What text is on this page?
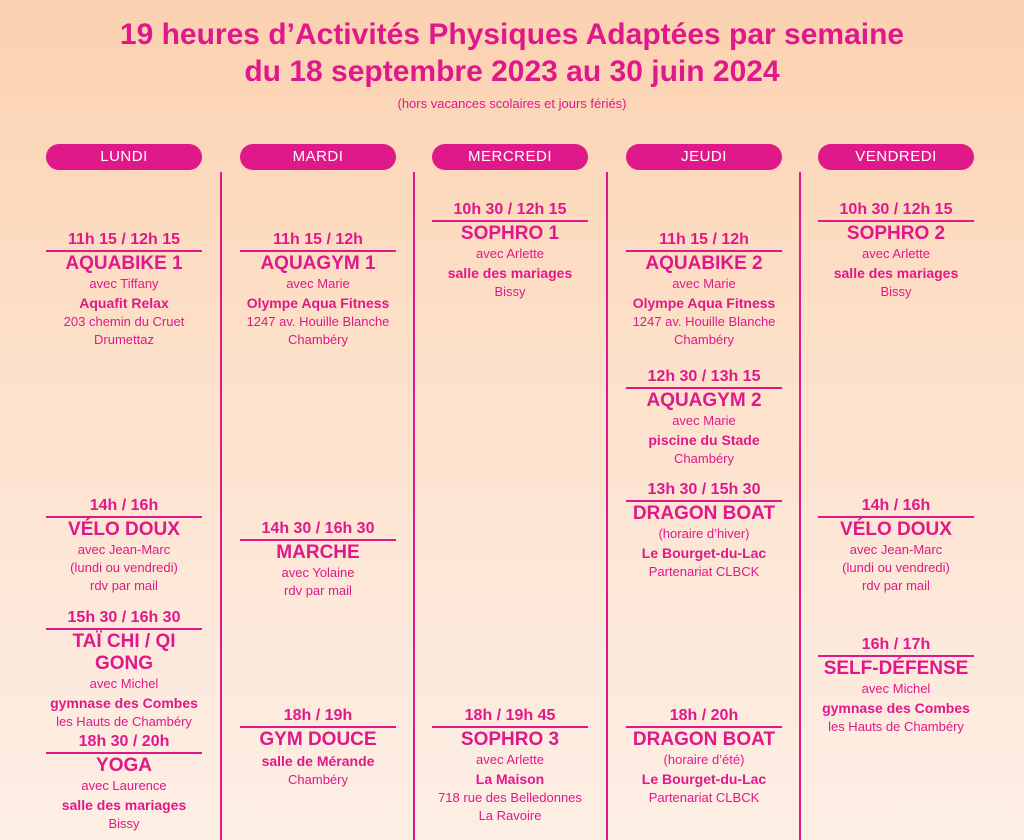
19 heures d’Activités Physiques Adaptées par semaine
du 18 septembre 2023 au 30 juin 2024
(hors vacances scolaires et jours fériés)
LUNDI	MARDI	MERCREDI	JEUDI	VENDREDI
11h 15 / 12h 15
AQUABIKE 1
avec Tiffany
Aquafit Relax
203 chemin du Cruet
Drumettaz
14h / 16h
VÉLO DOUX
avec Jean-Marc
(lundi ou vendredi)
rdv par mail
15h 30 / 16h 30
TAÏ CHI / QI GONG
avec Michel
gymnase des Combes
les Hauts de Chambéry
18h 30 / 20h
YOGA
avec Laurence
salle des mariages
Bissy
11h 15 / 12h
AQUAGYM 1
avec Marie
Olympe Aqua Fitness
1247 av. Houille Blanche
Chambéry
14h 30 / 16h 30
MARCHE
avec Yolaine
rdv par mail
18h / 19h
GYM DOUCE
salle de Mérande
Chambéry
10h 30 / 12h 15
SOPHRO 1
avec Arlette
salle des mariages
Bissy
18h / 19h 45
SOPHRO 3
avec Arlette
La Maison
718 rue des Belledonnes
La Ravoire
11h 15 / 12h
AQUABIKE 2
avec Marie
Olympe Aqua Fitness
1247 av. Houille Blanche
Chambéry
12h 30 / 13h 15
AQUAGYM 2
avec Marie
piscine du Stade
Chambéry
13h 30 / 15h 30
DRAGON BOAT
(horaire d’hiver)
Le Bourget-du-Lac
Partenariat CLBCK
18h / 20h
DRAGON BOAT
(horaire d’été)
Le Bourget-du-Lac
Partenariat CLBCK
10h 30 / 12h 15
SOPHRO 2
avec Arlette
salle des mariages
Bissy
14h / 16h
VÉLO DOUX
avec Jean-Marc
(lundi ou vendredi)
rdv par mail
16h / 17h
SELF-DÉFENSE
avec Michel
gymnase des Combes
les Hauts de Chambéry
